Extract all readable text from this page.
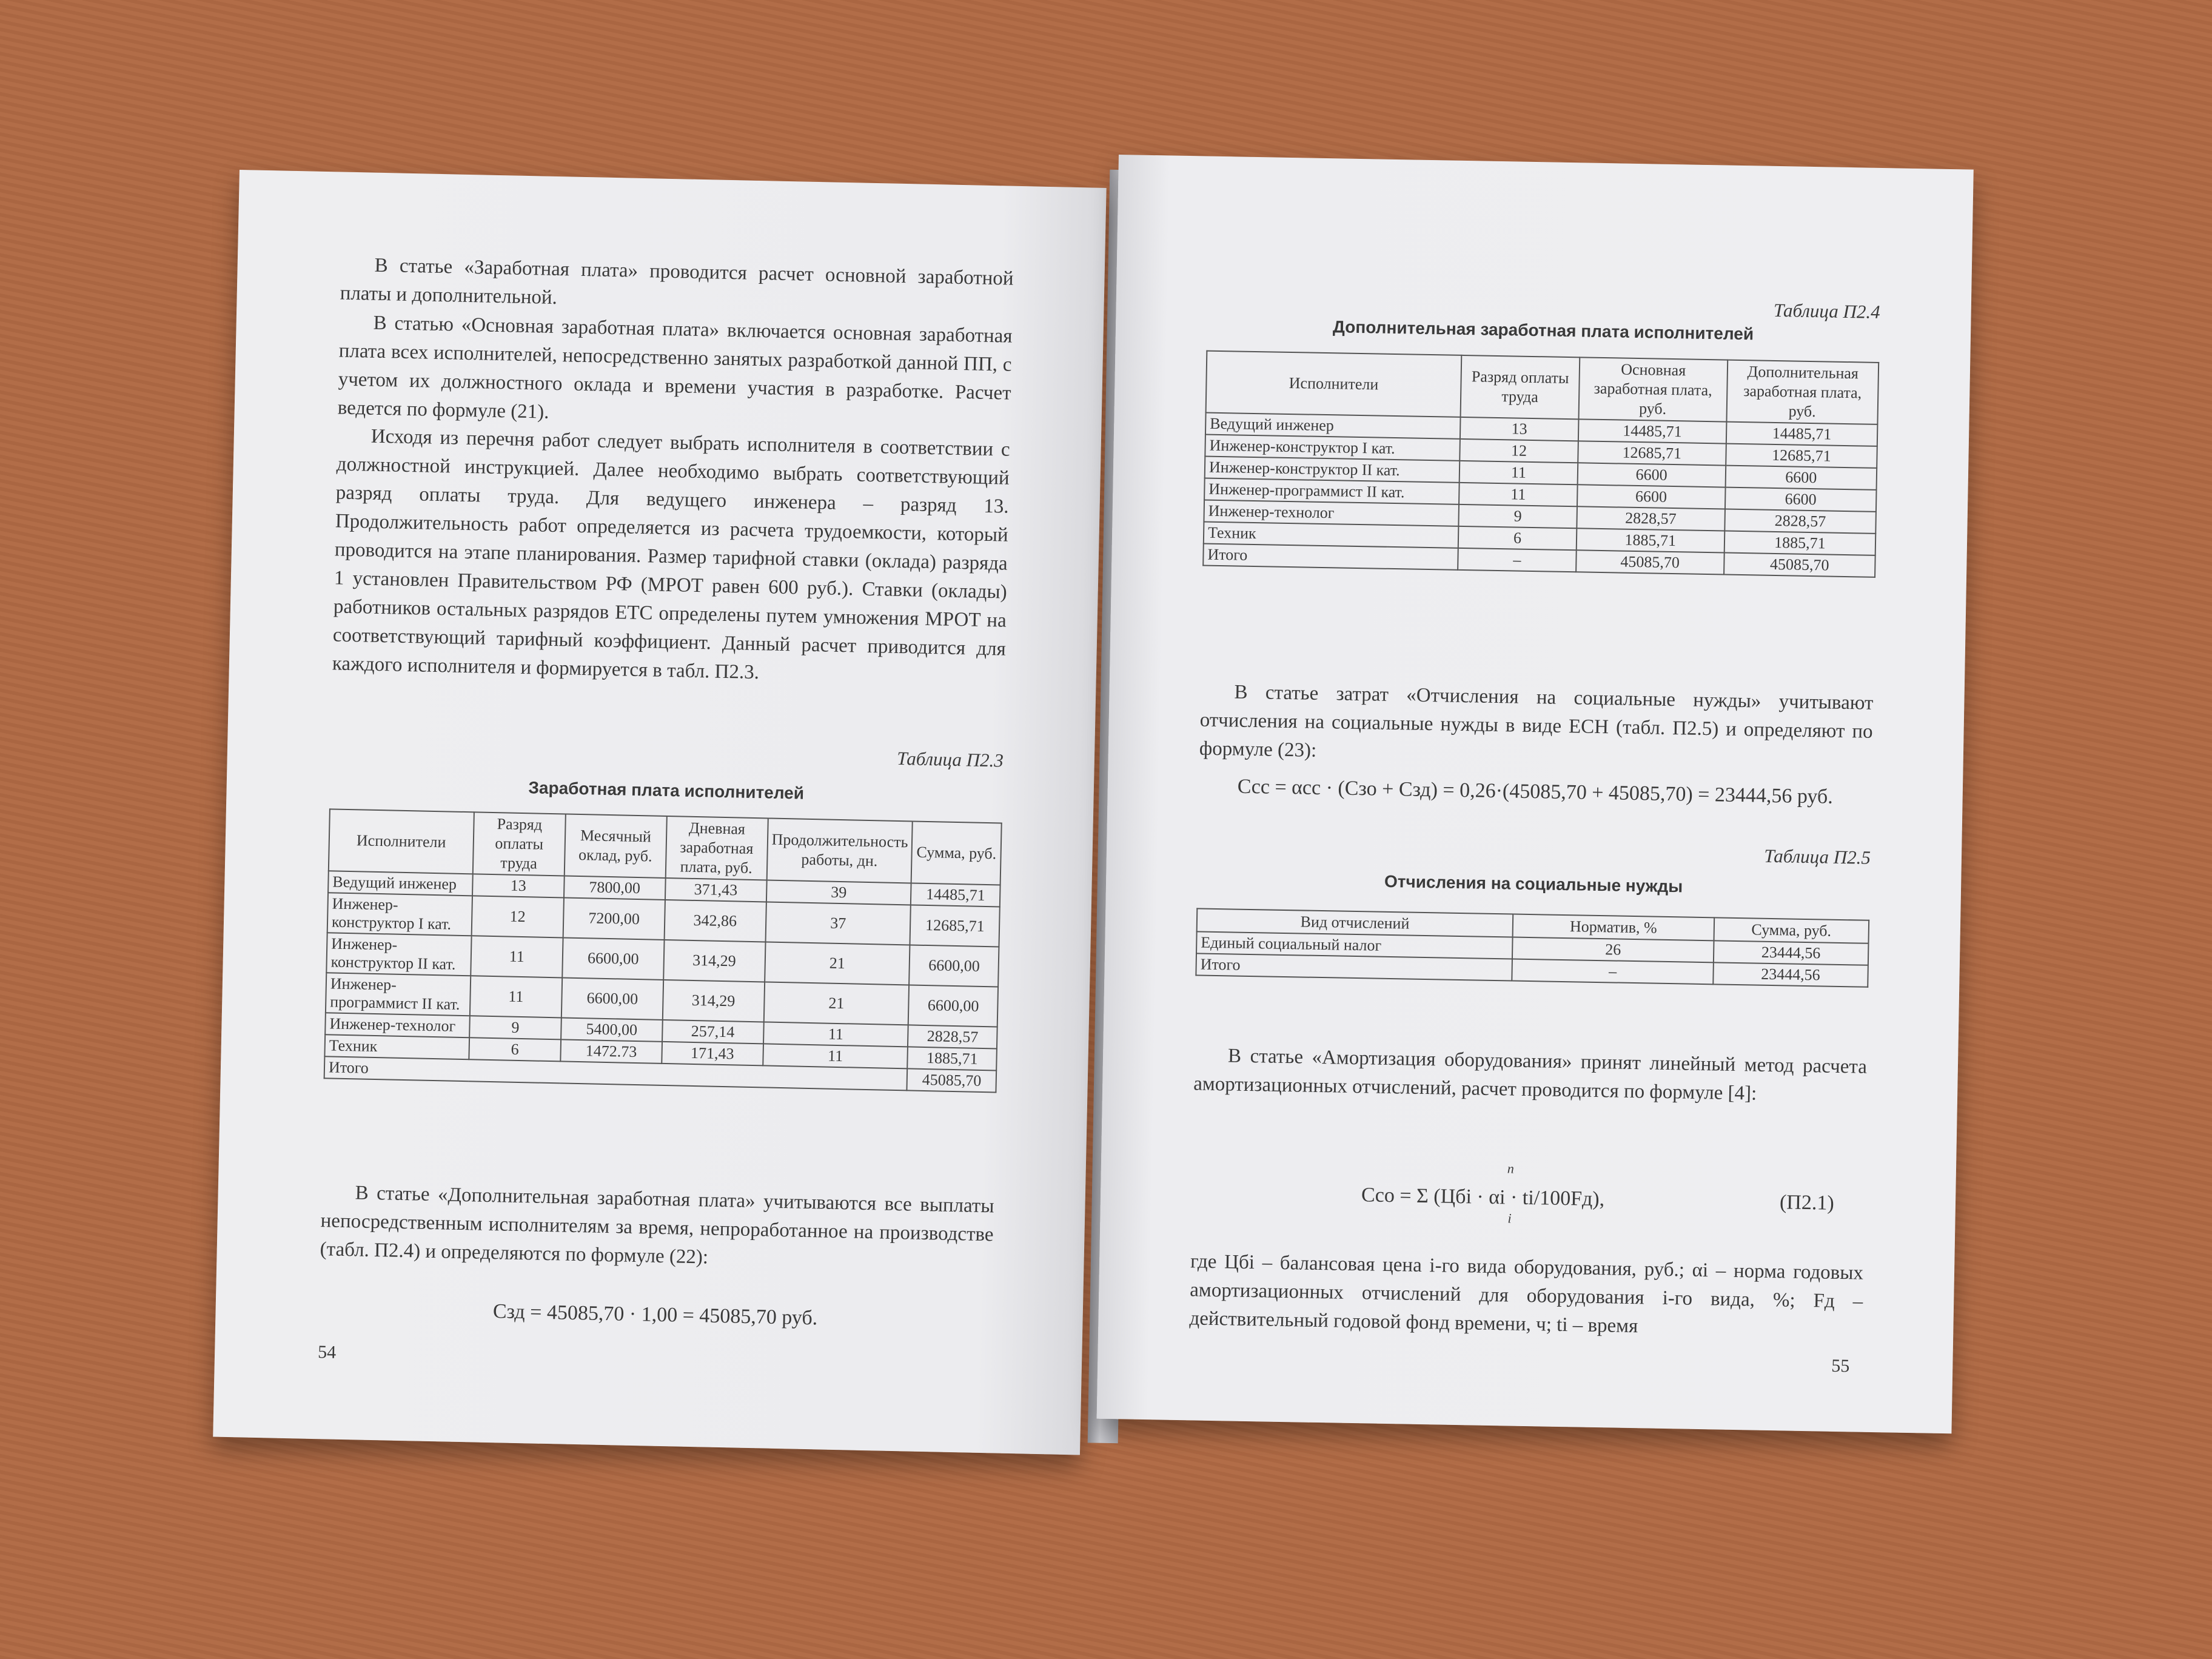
В статье «Заработная плата» проводится расчет основной заработной платы и дополнительной.

В статью «Основная заработная плата» включается основная заработная плата всех исполнителей, непосредственно занятых разработкой данной ПП, с учетом их должностного оклада и времени участия в разработке. Расчет ведется по формуле (21).

Исходя из перечня работ следует выбрать исполнителя в соответствии с должностной инструкцией. Далее необходимо выбрать соответствующий разряд оплаты труда. Для ведущего инженера – разряд 13. Продолжительность работ определяется из расчета трудоемкости, который проводится на этапе планирования. Размер тарифной ставки (оклада) разряда 1 установлен Правительством РФ (МРОТ равен 600 руб.). Ставки (оклады) работников остальных разрядов ЕТС определены путем умножения МРОТ на соответствующий тарифный коэффициент. Данный расчет приводится для каждого исполнителя и формируется в табл. П2.3.

Таблица П2.3
Заработная плата исполнителей
Исполнители	Разряд оплаты труда	Месячный оклад, руб.	Дневная заработная плата, руб.	Продолжительность работы, дн.	Сумма, руб.
Ведущий инженер	13	7800,00	371,43	39	14485,71
Инженер-конструктор I кат.	12	7200,00	342,86	37	12685,71
Инженер-конструктор II кат.	11	6600,00	314,29	21	6600,00
Инженер-программист II кат.	11	6600,00	314,29	21	6600,00
Инженер-технолог	9	5400,00	257,14	11	2828,57
Техник	6	1472.73	171,43	11	1885,71
Итого					45085,70

В статье «Дополнительная заработная плата» учитываются все выплаты непосредственным исполнителям за время, непроработанное на производстве (табл. П2.4) и определяются по формуле (22):

Сзд = 45085,70 · 1,00 = 45085,70 руб.
54
Таблица П2.4
Дополнительная заработная плата исполнителей
Исполнители	Разряд оплаты труда	Основная заработная плата, руб.	Дополнительная заработная плата, руб.
Ведущий инженер	13	14485,71	14485,71
Инженер-конструктор I кат.	12	12685,71	12685,71
Инженер-конструктор II кат.	11	6600	6600
Инженер-программист II кат.	11	6600	6600
Инженер-технолог	9	2828,57	2828,57
Техник	6	1885,71	1885,71
Итого	–	45085,70	45085,70

В статье затрат «Отчисления на социальные нужды» учитывают отчисления на социальные нужды в виде ЕСН (табл. П2.5) и определяют по формуле (23):

Ссс = αсс · (Сзо + Сзд) = 0,26·(45085,70 + 45085,70) = 23444,56 руб.
Таблица П2.5
Отчисления на социальные нужды
Вид отчислений	Норматив, %	Сумма, руб.
Единый социальный налог	26	23444,56
Итого	–	23444,56

В статье «Амортизация оборудования» принят линейный метод расчета амортизационных отчислений, расчет проводится по формуле [4]:

n
i
Сco = Σ (Цбi · αi · ti/100Fд),	(П2.1)

где Цбi – балансовая цена i-го вида оборудования, руб.; αi – норма годовых амортизационных отчислений для оборудования i-го вида, %; Fд – действительный годовой фонд времени, ч; ti – время

55
